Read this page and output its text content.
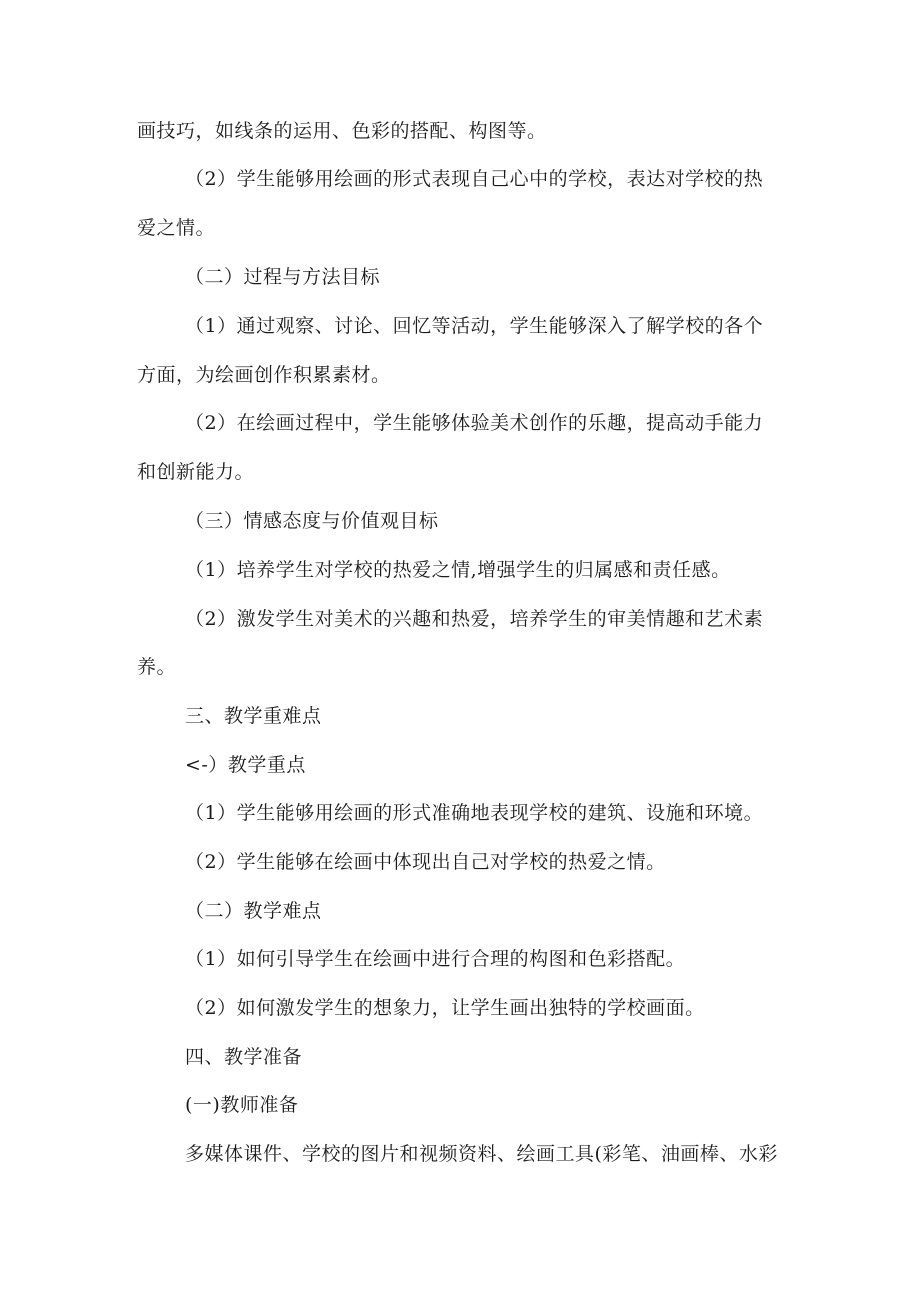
画技巧，如线条的运用、色彩的搭配、构图等。
（2）学生能够用绘画的形式表现自己心中的学校，表达对学校的热
爱之情。
（二）过程与方法目标
（1）通过观察、讨论、回忆等活动，学生能够深入了解学校的各个
方面，为绘画创作积累素材。
（2）在绘画过程中，学生能够体验美术创作的乐趣，提高动手能力
和创新能力。
（三）情感态度与价值观目标
（1）培养学生对学校的热爱之情,增强学生的归属感和责任感。
（2）激发学生对美术的兴趣和热爱，培养学生的审美情趣和艺术素
养。
三、教学重难点
<-）教学重点
（1）学生能够用绘画的形式准确地表现学校的建筑、设施和环境。
（2）学生能够在绘画中体现出自己对学校的热爱之情。
（二）教学难点
（1）如何引导学生在绘画中进行合理的构图和色彩搭配。
（2）如何激发学生的想象力，让学生画出独特的学校画面。
四、教学准备
(一)教师准备
多媒体课件、学校的图片和视频资料、绘画工具(彩笔、油画棒、水彩
